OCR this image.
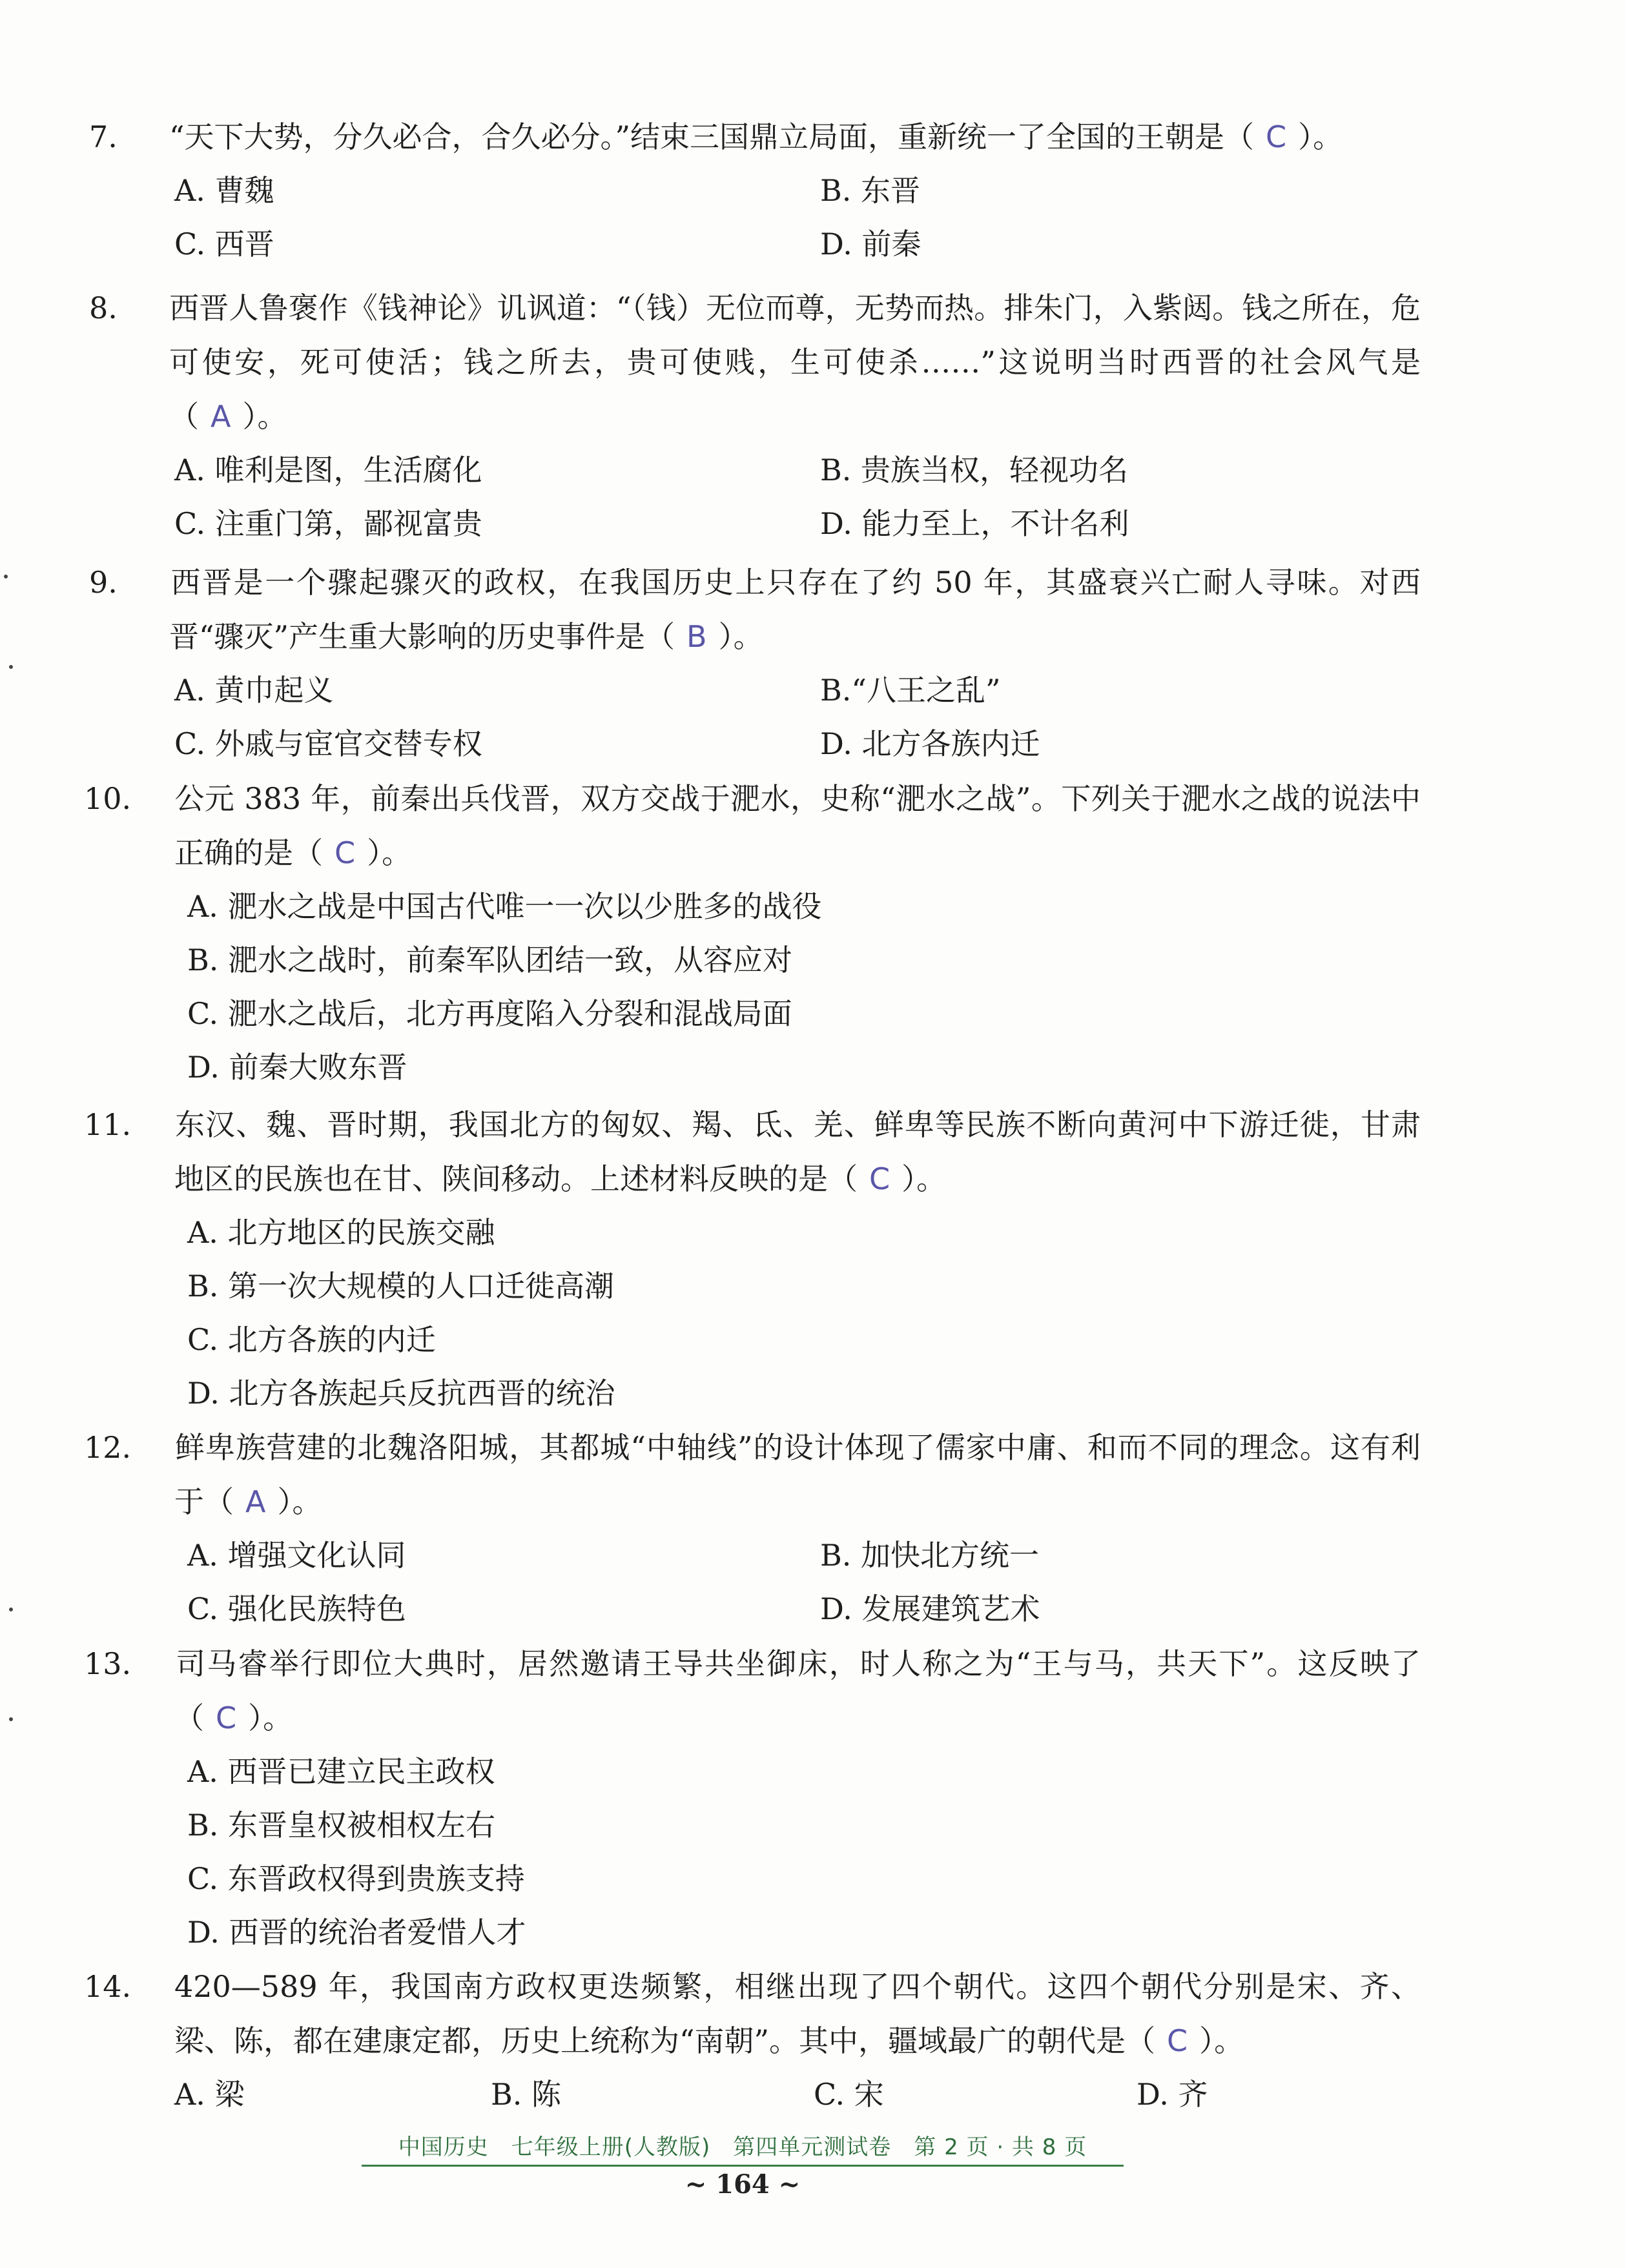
7. “天下大势，分久必合，合久必分。”结束三国鼎立局面，重新统一了全国的王朝是（ C ）。
A. 曹魏	B. 东晋
C. 西晋	D. 前秦
8. 西晋人鲁褒作《钱神论》讥讽道：“（钱）无位而尊，无势而热。排朱门，入紫闼。钱之所在，危可使安，死可使活；钱之所去，贵可使贱，生可使杀……”这说明当时西晋的社会风气是（ A ）。
A. 唯利是图，生活腐化	B. 贵族当权，轻视功名
C. 注重门第，鄙视富贵	D. 能力至上，不计名利
9. 西晋是一个骤起骤灭的政权，在我国历史上只存在了约 50 年，其盛衰兴亡耐人寻味。对西晋“骤灭”产生重大影响的历史事件是（ B ）。
A. 黄巾起义	B.“八王之乱”
C. 外戚与宦官交替专权	D. 北方各族内迁
10. 公元 383 年，前秦出兵伐晋，双方交战于淝水，史称“淝水之战”。下列关于淝水之战的说法中正确的是（ C ）。
A. 淝水之战是中国古代唯一一次以少胜多的战役
B. 淝水之战时，前秦军队团结一致，从容应对
C. 淝水之战后，北方再度陷入分裂和混战局面
D. 前秦大败东晋
11. 东汉、魏、晋时期，我国北方的匈奴、羯、氐、羌、鲜卑等民族不断向黄河中下游迁徙，甘肃地区的民族也在甘、陕间移动。上述材料反映的是（ C ）。
A. 北方地区的民族交融
B. 第一次大规模的人口迁徙高潮
C. 北方各族的内迁
D. 北方各族起兵反抗西晋的统治
12. 鲜卑族营建的北魏洛阳城，其都城“中轴线”的设计体现了儒家中庸、和而不同的理念。这有利于（ A ）。
A. 增强文化认同	B. 加快北方统一
C. 强化民族特色	D. 发展建筑艺术
13. 司马睿举行即位大典时，居然邀请王导共坐御床，时人称之为“王与马，共天下”。这反映了（ C ）。
A. 西晋已建立民主政权
B. 东晋皇权被相权左右
C. 东晋政权得到贵族支持
D. 西晋的统治者爱惜人才
14. 420—589 年，我国南方政权更迭频繁，相继出现了四个朝代。这四个朝代分别是宋、齐、梁、陈，都在建康定都，历史上统称为“南朝”。其中，疆域最广的朝代是（ C ）。
A. 梁	B. 陈	C. 宋	D. 齐
中国历史　七年级上册(人教版)　第四单元测试卷　第 2 页 · 共 8 页
~ 164 ~
